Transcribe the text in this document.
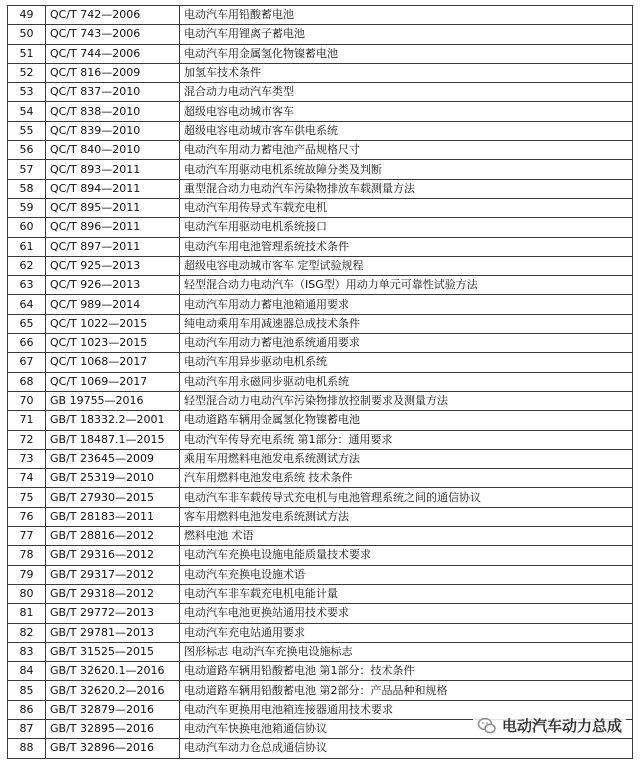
49	QC/T 742—2006	电动汽车用铅酸蓄电池
50	QC/T 743—2006	电动汽车用锂离子蓄电池
51	QC/T 744—2006	电动汽车用金属氢化物镍蓄电池
52	QC/T 816—2009	加氢车技术条件
53	QC/T 837—2010	混合动力电动汽车类型
54	QC/T 838—2010	超级电容电动城市客车
55	QC/T 839—2010	超级电容电动城市客车供电系统
56	QC/T 840—2010	电动汽车用动力蓄电池产品规格尺寸
57	QC/T 893—2011	电动汽车用驱动电机系统故障分类及判断
58	QC/T 894—2011	重型混合动力电动汽车污染物排放车载测量方法
59	QC/T 895—2011	电动汽车用传导式车载充电机
60	QC/T 896—2011	电动汽车用驱动电机系统接口
61	QC/T 897—2011	电动汽车用电池管理系统技术条件
62	QC/T 925—2013	超级电容电动城市客车 定型试验规程
63	QC/T 926—2013	轻型混合动力电动汽车（ISG型）用动力单元可靠性试验方法
64	QC/T 989—2014	电动汽车用动力蓄电池箱通用要求
65	QC/T 1022—2015	纯电动乘用车用减速器总成技术条件
66	QC/T 1023—2015	电动汽车用动力蓄电池系统通用要求
67	QC/T 1068—2017	电动汽车用异步驱动电机系统
68	QC/T 1069—2017	电动汽车用永磁同步驱动电机系统
70	GB 19755—2016	轻型混合动力电动汽车污染物排放控制要求及测量方法
71	GB/T 18332.2—2001	电动道路车辆用金属氢化物镍蓄电池
72	GB/T 18487.1—2015	电动汽车传导充电系统 第1部分：通用要求
73	GB/T 23645—2009	乘用车用燃料电池发电系统测试方法
74	GB/T 25319—2010	汽车用燃料电池发电系统 技术条件
75	GB/T 27930—2015	电动汽车非车载传导式充电机与电池管理系统之间的通信协议
76	GB/T 28183—2011	客车用燃料电池发电系统测试方法
77	GB/T 28816—2012	燃料电池 术语
78	GB/T 29316—2012	电动汽车充换电设施电能质量技术要求
79	GB/T 29317—2012	电动汽车充换电设施术语
80	GB/T 29318—2012	电动汽车非车载充电机电能计量
81	GB/T 29772—2013	电动汽车电池更换站通用技术要求
82	GB/T 29781—2013	电动汽车充电站通用要求
83	GB/T 31525—2015	图形标志 电动汽车充换电设施标志
84	GB/T 32620.1—2016	电动道路车辆用铅酸蓄电池 第1部分：技术条件
85	GB/T 32620.2—2016	电动道路车辆用铅酸蓄电池 第2部分：产品品种和规格
86	GB/T 32879—2016	电动汽车更换用电池箱连接器通用技术要求
87	GB/T 32895—2016	电动汽车快换电池箱通信协议
88	GB/T 32896—2016	电动汽车动力仓总成通信协议
电动汽车动力总成
